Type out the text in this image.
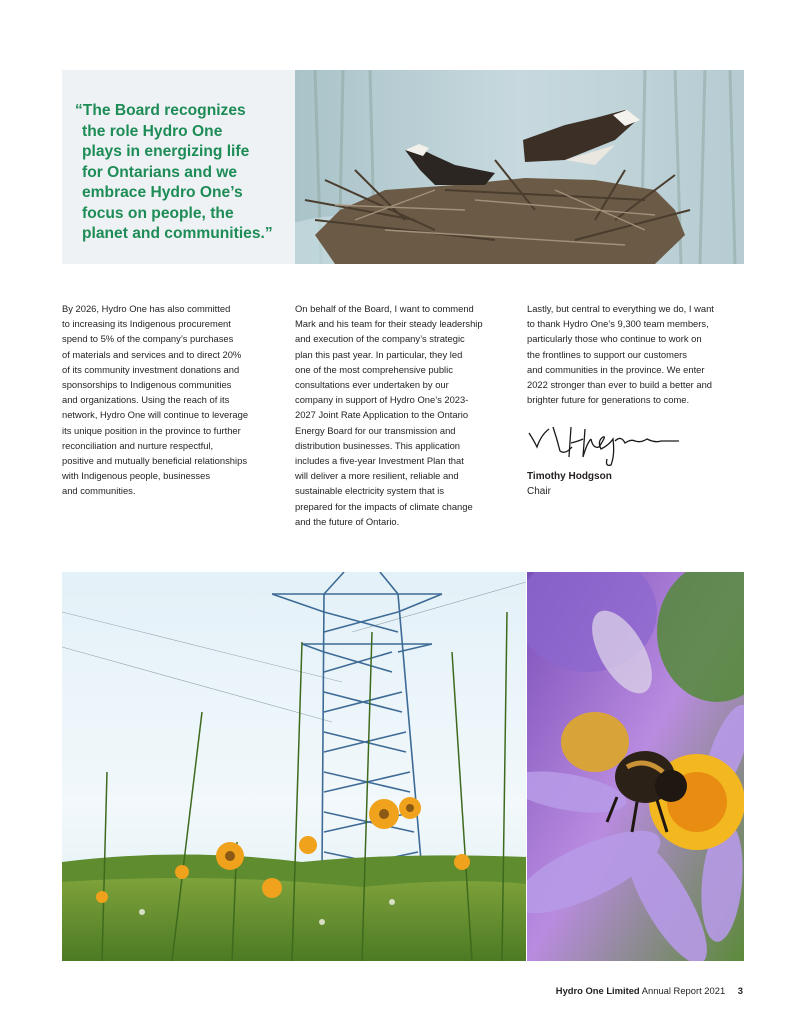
“The Board recognizes
the role Hydro One
plays in energizing life
for Ontarians and we
embrace Hydro One’s
focus on people, the
planet and communities.”

By 2026, Hydro One has also committed
to increasing its Indigenous procurement
spend to 5% of the company’s purchases
of materials and services and to direct 20%
of its community investment donations and
sponsorships to Indigenous communities
and organizations. Using the reach of its
network, Hydro One will continue to leverage
its unique position in the province to further
reconciliation and nurture respectful,
positive and mutually beneficial relationships
with Indigenous people, businesses
and communities.

On behalf of the Board, I want to commend
Mark and his team for their steady leadership
and execution of the company’s strategic
plan this past year. In particular, they led
one of the most comprehensive public
consultations ever undertaken by our
company in support of Hydro One’s 2023-
2027 Joint Rate Application to the Ontario
Energy Board for our transmission and
distribution businesses. This application
includes a five-year Investment Plan that
will deliver a more resilient, reliable and
sustainable electricity system that is
prepared for the impacts of climate change
and the future of Ontario.

Lastly, but central to everything we do, I want
to thank Hydro One’s 9,300 team members,
particularly those who continue to work on
the frontlines to support our customers
and communities in the province. We enter
2022 stronger than ever to build a better and
brighter future for generations to come.

Timothy Hodgson
Chair
Hydro One Limited Annual Report 2021 3
